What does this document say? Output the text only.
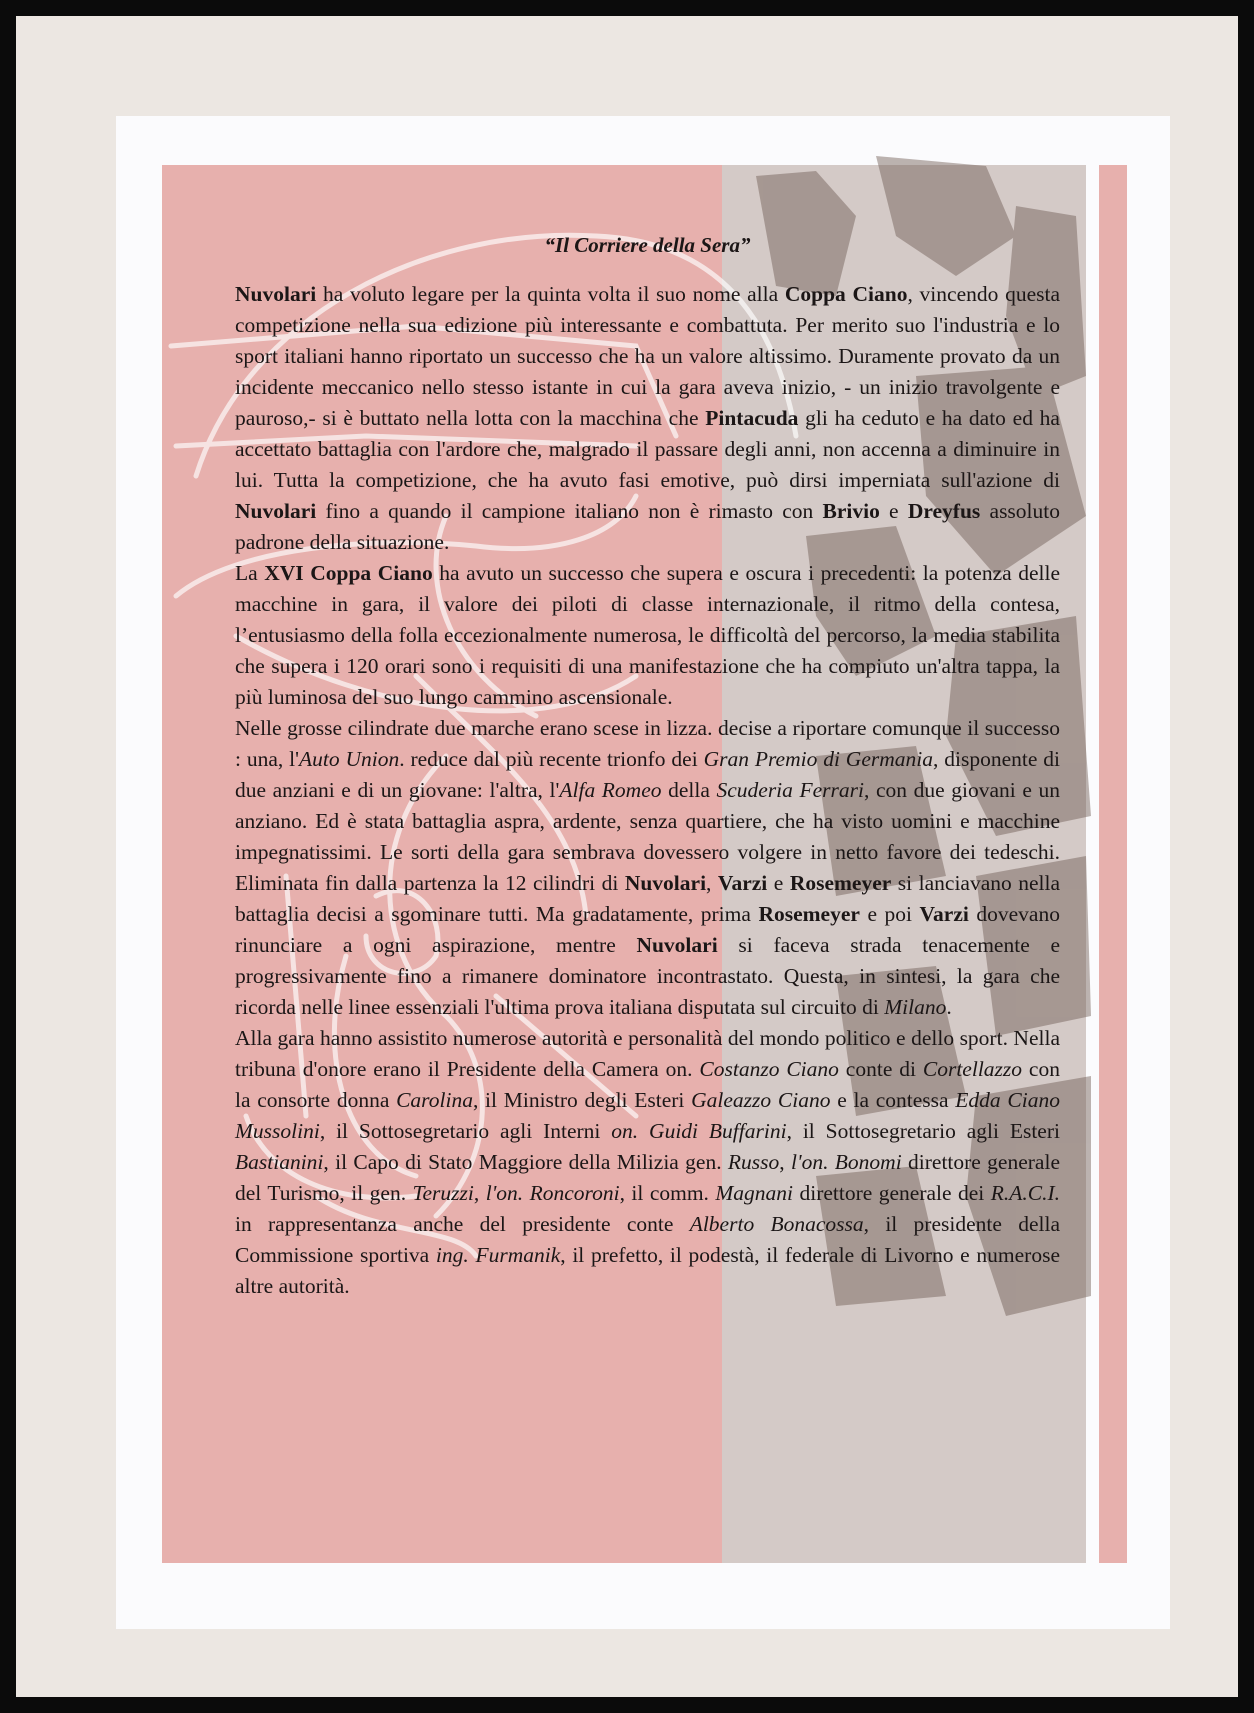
“Il Corriere della Sera”

Nuvolari ha voluto legare per la quinta volta il suo nome alla Coppa Ciano, vincendo questa competizione nella sua edizione più interessante e combattuta. Per merito suo l'industria e lo sport italiani hanno riportato un successo che ha un valore altissimo. Duramente provato da un incidente meccanico nello stesso istante in cui la gara aveva inizio, - un inizio travolgente e pauroso,- si è buttato nella lotta con la macchina che Pintacuda gli ha ceduto e ha dato ed ha accettato battaglia con l'ardore che, malgrado il passare degli anni, non accenna a diminuire in lui. Tutta la competizione, che ha avuto fasi emotive, può dirsi imperniata sull'azione di Nuvolari fino a quando il campione italiano non è rimasto con Brivio e Dreyfus assoluto padrone della situazione.

La XVI Coppa Ciano ha avuto un successo che supera e oscura i precedenti: la potenza delle macchine in gara, il valore dei piloti di classe internazionale, il ritmo della contesa, l’entusiasmo della folla eccezionalmente numerosa, le difficoltà del percorso, la media stabilita che supera i 120 orari sono i requisiti di una manifestazione che ha compiuto un'altra tappa, la più luminosa del suo lungo cammino ascensionale.

Nelle grosse cilindrate due marche erano scese in lizza. decise a riportare comunque il successo : una, l'Auto Union. reduce dal più recente trionfo dei Gran Premio di Germania, disponente di due anziani e di un giovane: l'altra, l'Alfa Romeo della Scuderia Ferrari, con due giovani e un anziano. Ed è stata battaglia aspra, ardente, senza quartiere, che ha visto uomini e macchine impegnatissimi. Le sorti della gara sembrava dovessero volgere in netto favore dei tedeschi. Eliminata fin dalla partenza la 12 cilindri di Nuvolari, Varzi e Rosemeyer si lanciavano nella battaglia decisi a sgominare tutti. Ma gradatamente, prima Rosemeyer e poi Varzi dovevano rinunciare a ogni aspirazione, mentre Nuvolari si faceva strada tenacemente e progressivamente fino a rimanere dominatore incontrastato. Questa, in sintesi, la gara che ricorda nelle linee essenziali l'ultima prova italiana disputata sul circuito di Milano.

Alla gara hanno assistito numerose autorità e personalità del mondo politico e dello sport. Nella tribuna d'onore erano il Presidente della Camera on. Costanzo Ciano conte di Cortellazzo con la consorte donna Carolina, il Ministro degli Esteri Galeazzo Ciano e la contessa Edda Ciano Mussolini, il Sottosegretario agli Interni on. Guidi Buffarini, il Sottosegretario agli Esteri Bastianini, il Capo di Stato Maggiore della Milizia gen. Russo, l'on. Bonomi direttore generale del Turismo, il gen. Teruzzi, l'on. Roncoroni, il comm. Magnani direttore generale dei R.A.C.I. in rappresentanza anche del presidente conte Alberto Bonacossa, il presidente della Commissione sportiva ing. Furmanik, il prefetto, il podestà, il federale di Livorno e numerose altre autorità.
